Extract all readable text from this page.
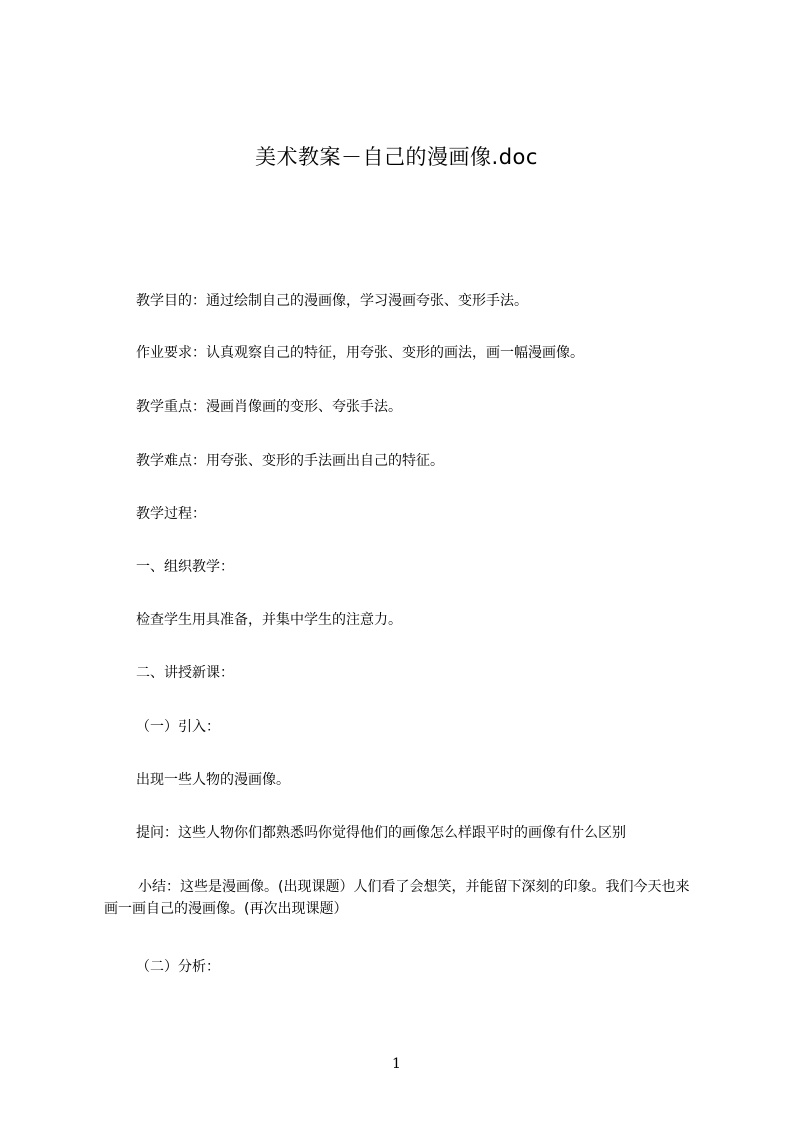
美术教案－自己的漫画像.doc
教学目的：通过绘制自己的漫画像，学习漫画夸张、变形手法。
作业要求：认真观察自己的特征，用夸张、变形的画法，画一幅漫画像。
教学重点：漫画肖像画的变形、夸张手法。
教学难点：用夸张、变形的手法画出自己的特征。
教学过程：
一、组织教学：
检查学生用具准备，并集中学生的注意力。
二、讲授新课：
（一）引入：
出现一些人物的漫画像。
提问：这些人物你们都熟悉吗你觉得他们的画像怎么样跟平时的画像有什么区别
小结：这些是漫画像。(出现课题）人们看了会想笑，并能留下深刻的印象。我们今天也来画一画自己的漫画像。(再次出现课题）
（二）分析：
1
